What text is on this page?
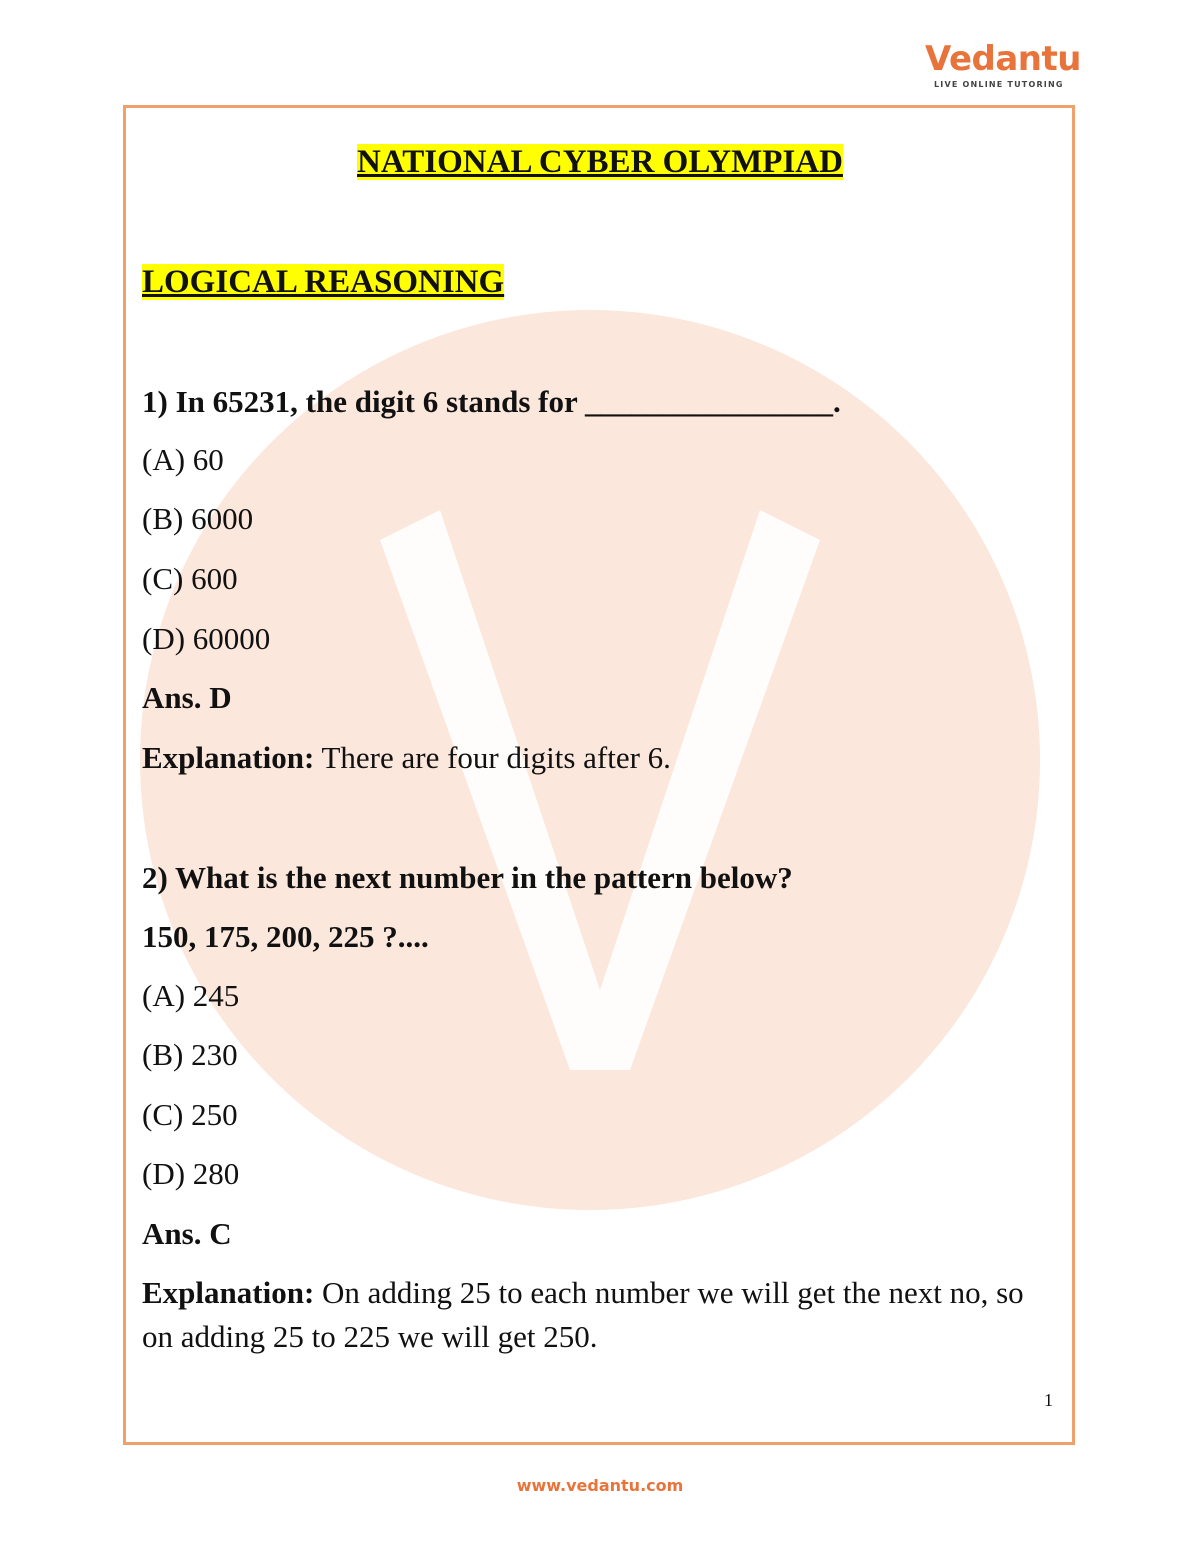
Vedantu
LIVE ONLINE TUTORING
NATIONAL CYBER OLYMPIAD
LOGICAL REASONING
1) In 65231, the digit 6 stands for ________________.
(A) 60
(B) 6000
(C) 600
(D) 60000
Ans. D
Explanation: There are four digits after 6.
2) What is the next number in the pattern below?
150, 175, 200, 225 ?....
(A) 245
(B) 230
(C) 250
(D) 280
Ans. C
Explanation: On adding 25 to each number we will get the next no, so on adding 25 to 225 we will get 250.
1
www.vedantu.com
